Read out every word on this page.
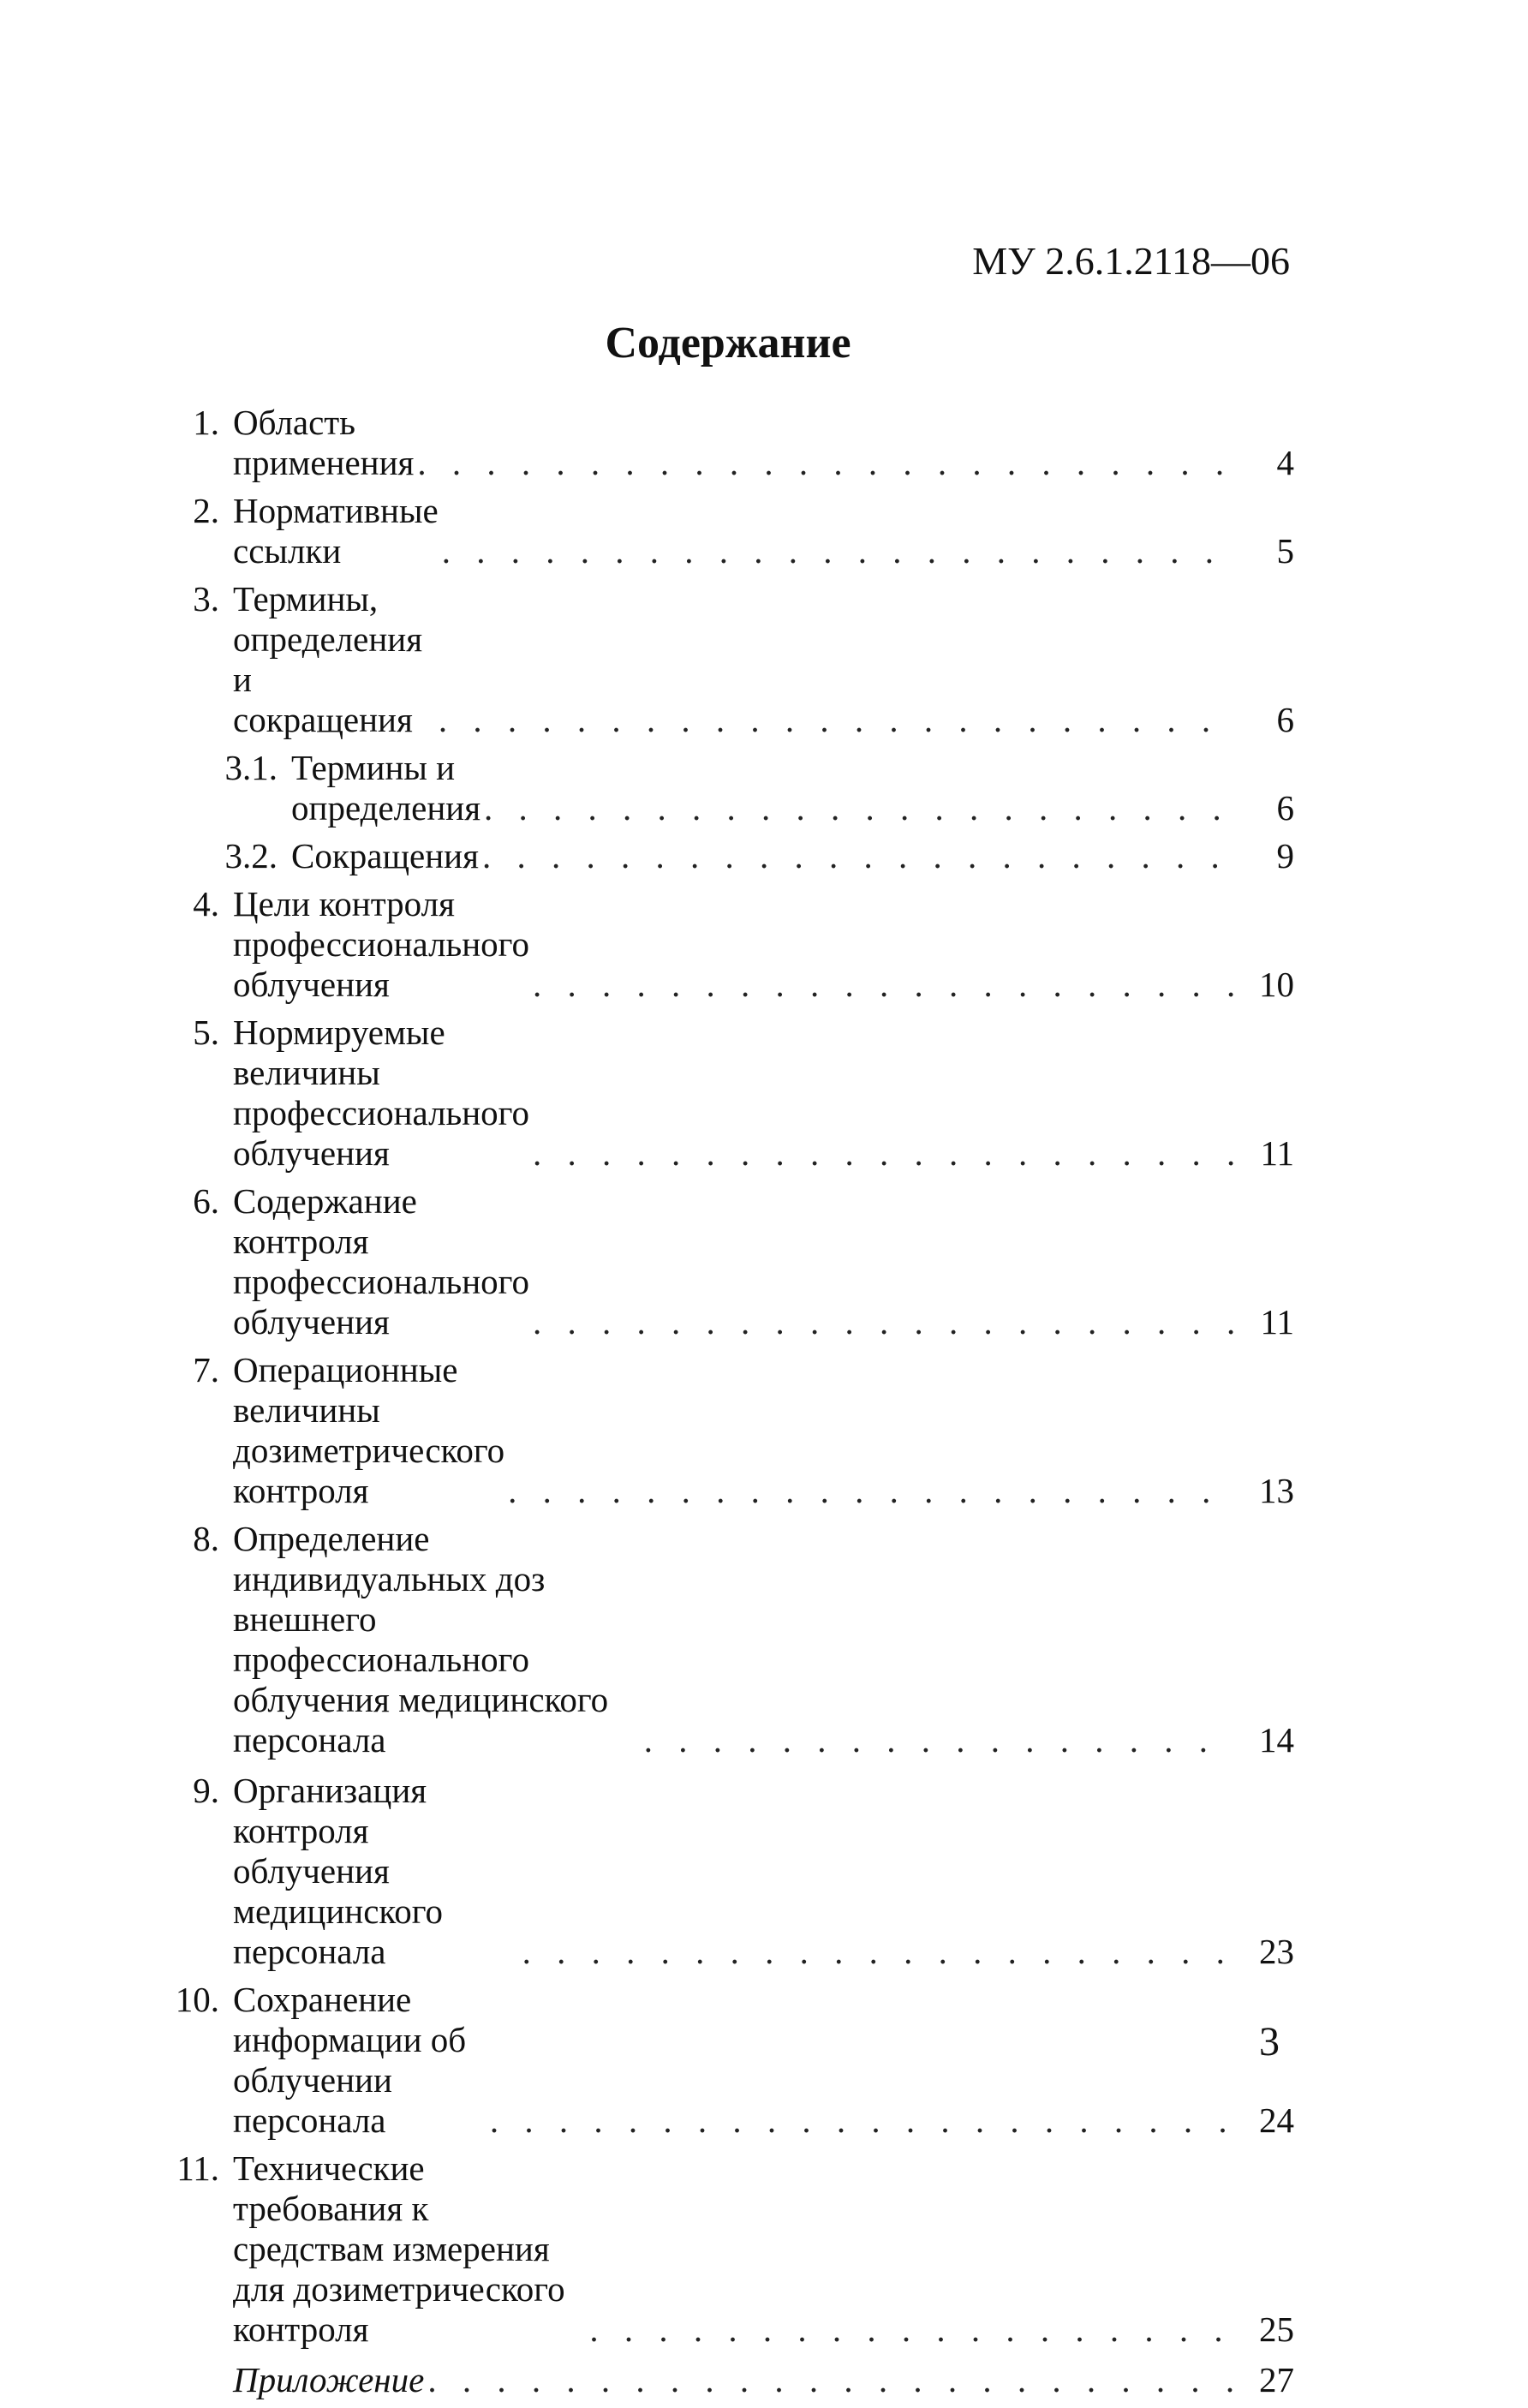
МУ 2.6.1.2118—06
Содержание
1. Область применения . . .	4
2. Нормативные ссылки . . .	5
3. Термины, определения и сокращения . . .	6
3.1. Термины и определения . . .	6
3.2. Сокращения . . .	9
4. Цели контроля профессионального облучения . . .	10
5. Нормируемые величины профессионального облучения . . .	11
6. Содержание контроля профессионального облучения . . .	11
7. Операционные величины дозиметрического контроля . . .	13
8. Определение индивидуальных доз внешнего профессионального облучения медицинского персонала . . .	14
9. Организация контроля облучения медицинского персонала . . .	23
10. Сохранение информации об облучении персонала . . .	24
11. Технические требования к средствам измерения для дозиметрического контроля . . .	25
Приложение . . .	27
3
